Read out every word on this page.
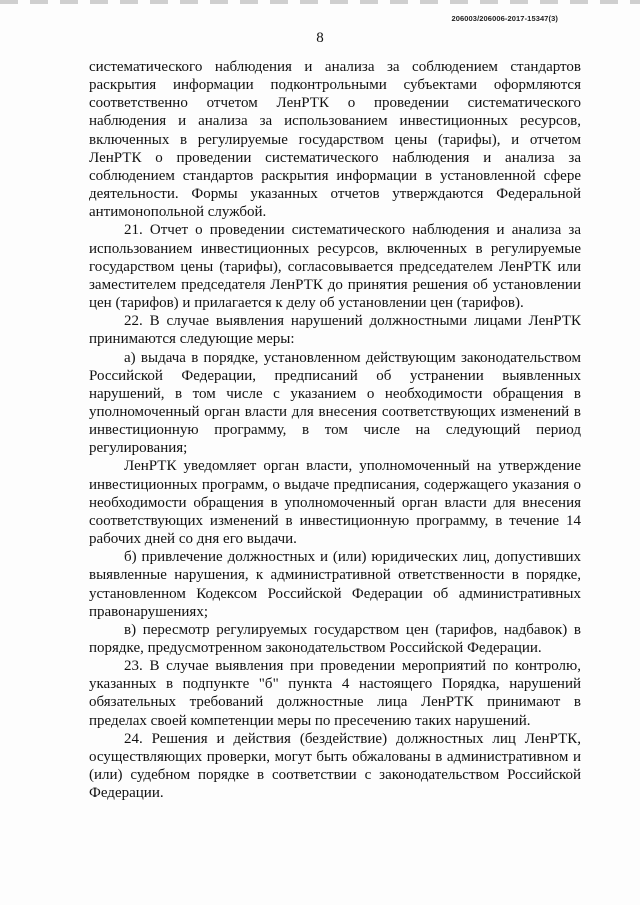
206003/206006-2017-15347(3)
8

систематического наблюдения и анализа за соблюдением стандартов раскрытия информации подконтрольными субъектами оформляются соответственно отчетом ЛенРТК о проведении систематического наблюдения и анализа за использованием инвестиционных ресурсов, включенных в регулируемые государством цены (тарифы), и отчетом ЛенРТК о проведении систематического наблюдения и анализа за соблюдением стандартов раскрытия информации в установленной сфере деятельности. Формы указанных отчетов утверждаются Федеральной антимонопольной службой.

21. Отчет о проведении систематического наблюдения и анализа за использованием инвестиционных ресурсов, включенных в регулируемые государством цены (тарифы), согласовывается председателем ЛенРТК или заместителем председателя ЛенРТК до принятия решения об установлении цен (тарифов) и прилагается к делу об установлении цен (тарифов).

22. В случае выявления нарушений должностными лицами ЛенРТК принимаются следующие меры:

а) выдача в порядке, установленном действующим законодательством Российской Федерации, предписаний об устранении выявленных нарушений, в том числе с указанием о необходимости обращения в уполномоченный орган власти для внесения соответствующих изменений в инвестиционную программу, в том числе на следующий период регулирования;

ЛенРТК уведомляет орган власти, уполномоченный на утверждение инвестиционных программ, о выдаче предписания, содержащего указания о необходимости обращения в уполномоченный орган власти для внесения соответствующих изменений в инвестиционную программу, в течение 14 рабочих дней со дня его выдачи.

б) привлечение должностных и (или) юридических лиц, допустивших выявленные нарушения, к административной ответственности в порядке, установленном Кодексом Российской Федерации об административных правонарушениях;

в) пересмотр регулируемых государством цен (тарифов, надбавок) в порядке, предусмотренном законодательством Российской Федерации.

23. В случае выявления при проведении мероприятий по контролю, указанных в подпункте "б" пункта 4 настоящего Порядка, нарушений обязательных требований должностные лица ЛенРТК принимают в пределах своей компетенции меры по пресечению таких нарушений.

24. Решения и действия (бездействие) должностных лиц ЛенРТК, осуществляющих проверки, могут быть обжалованы в административном и (или) судебном порядке в соответствии с законодательством Российской Федерации.
